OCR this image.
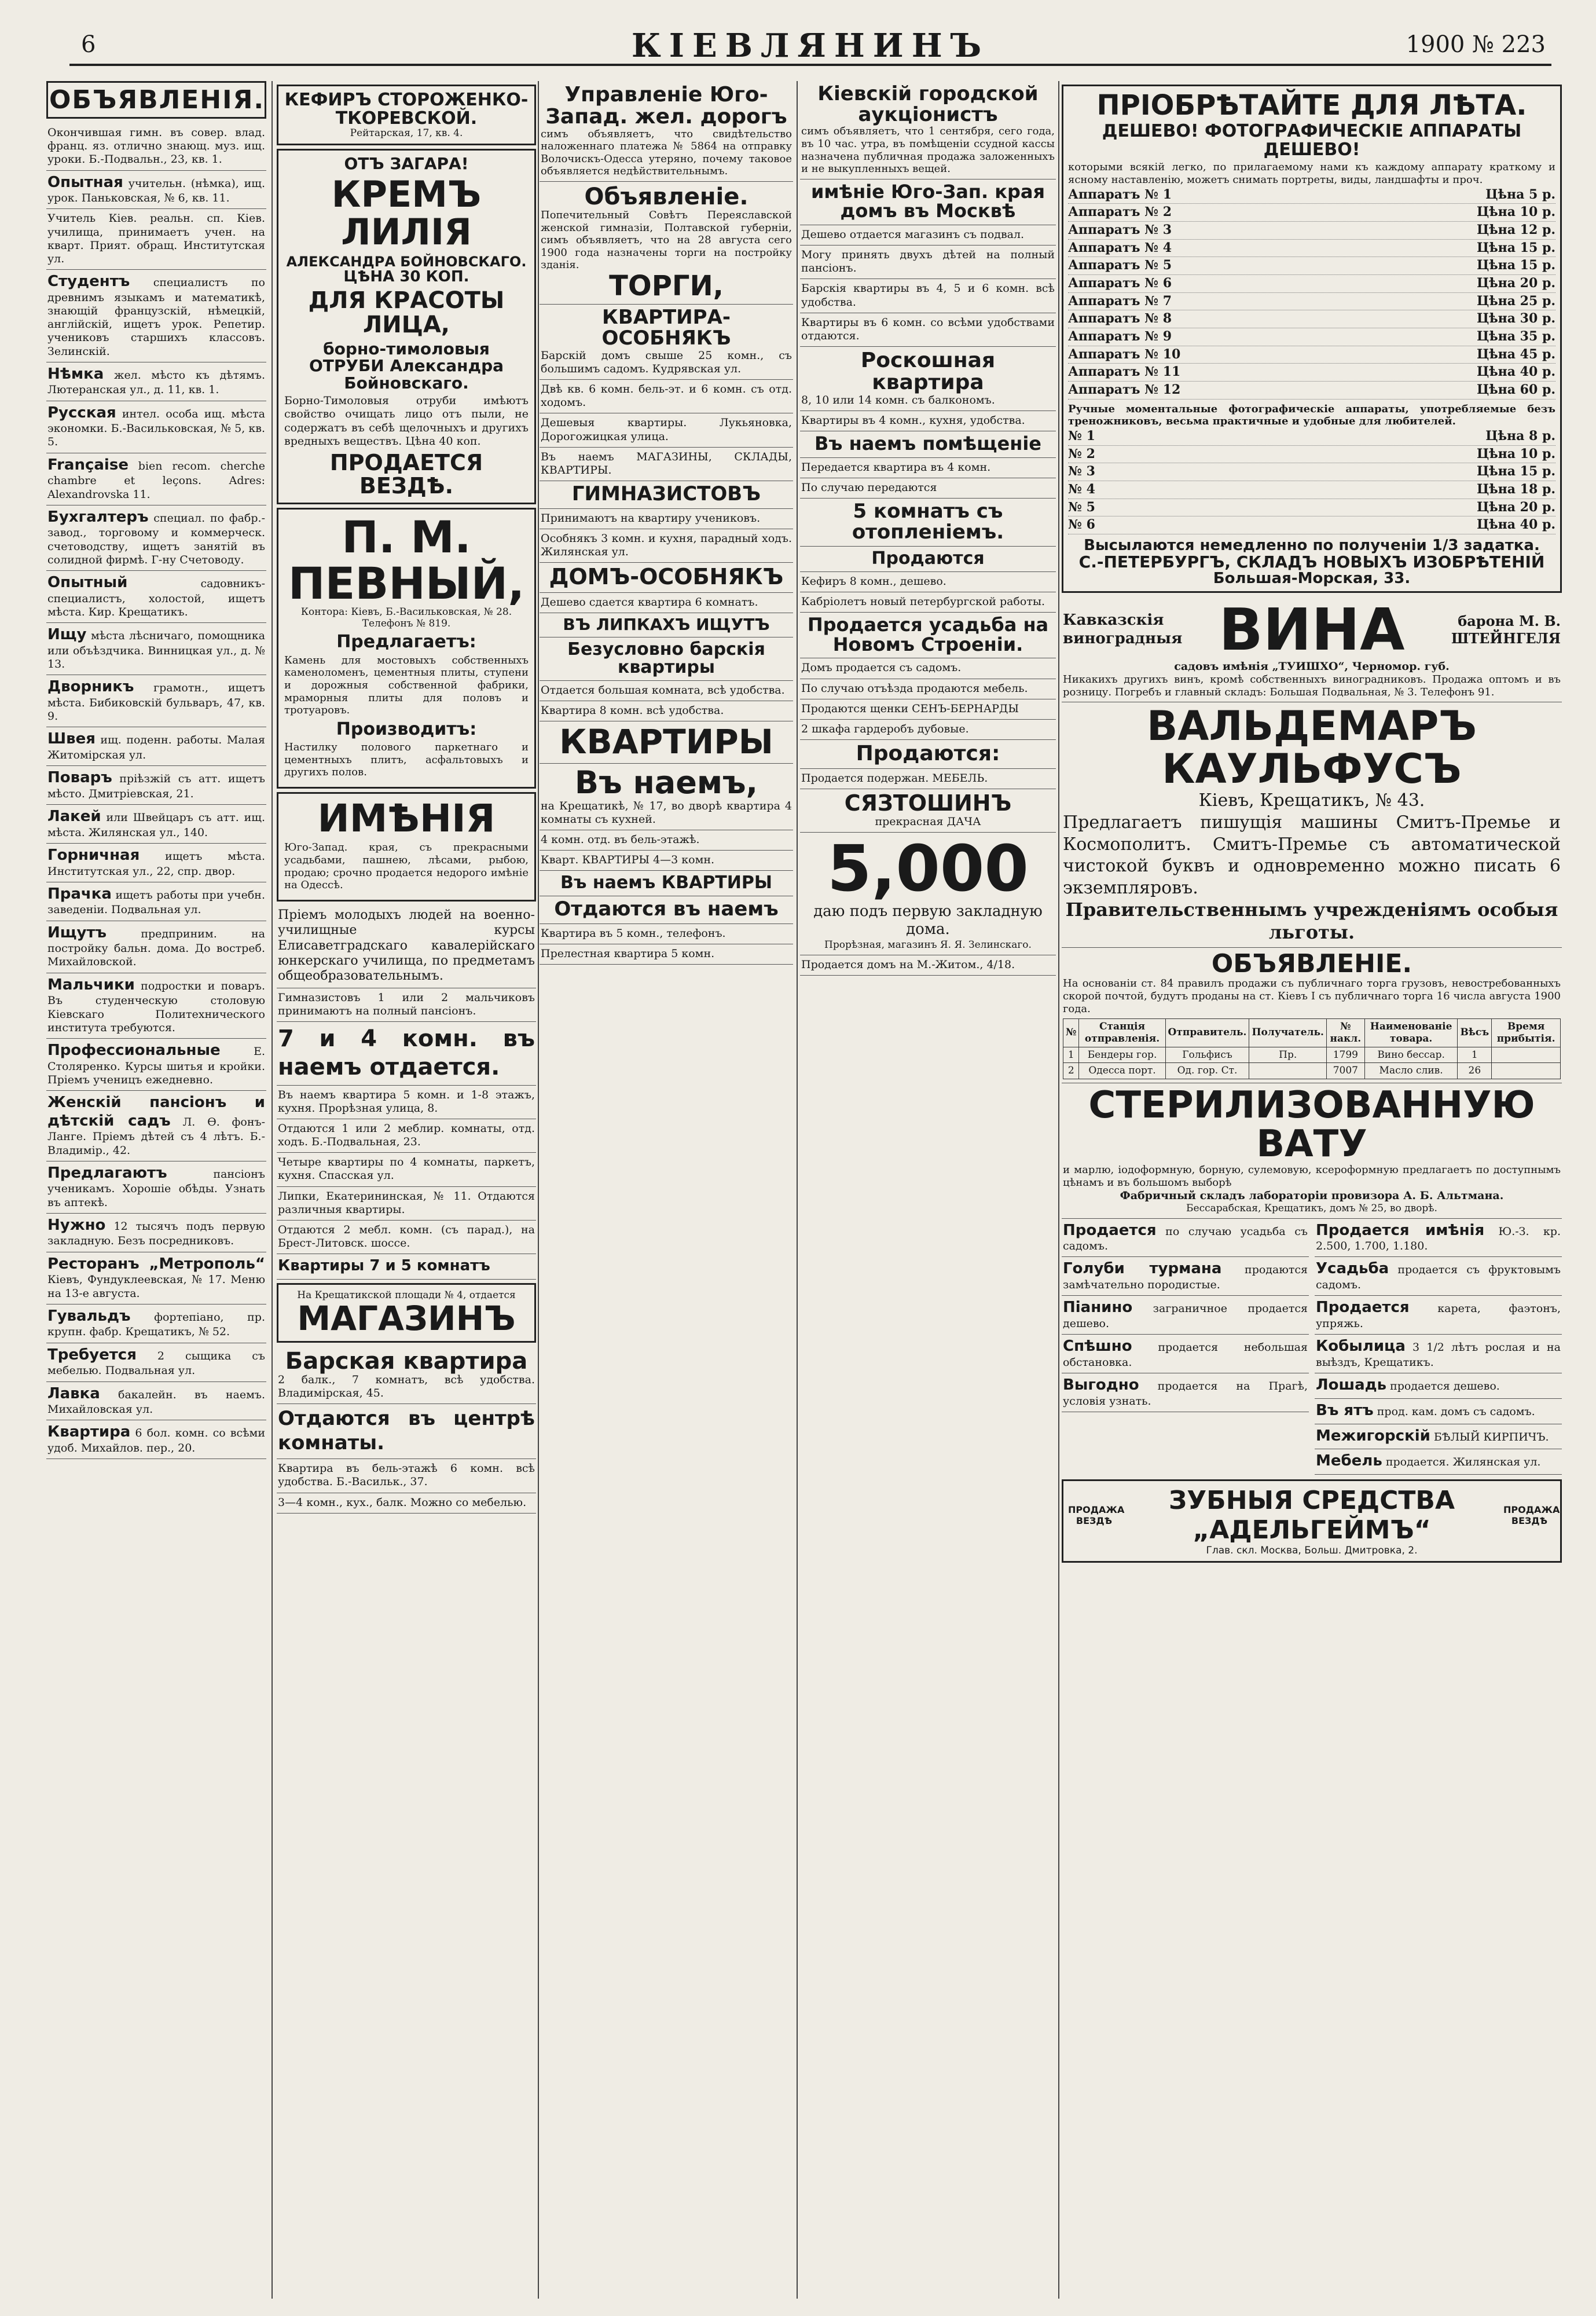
6	КІЕВЛЯНИНЪ	1900 № 223
ОБЪЯВЛЕНІЯ.
Окончившая гимн. въ совер. влад. франц. яз. отлично знающ. муз. ищ. уроки. Б.-Подвальн., 23, кв. 1.
Опытная учительн. (нѣмка), ищ. урок. Паньковская, № 6, кв. 11.
Учитель Кіев. реальн. сп. Кіев. училища, принимаетъ учен. на кварт. Прият. обращ. Институтская ул.
Студентъ специалистъ по древнимъ языкамъ и математикѣ, знающій французскій, нѣмецкій, англійскій, ищетъ урок. Репетир. учениковъ старшихъ классовъ. Зелинскій.
Нѣмка жел. мѣсто къ дѣтямъ. Лютеранская ул., д. 11, кв. 1.
Русская интел. особа ищ. мѣста экономки. Б.-Васильковская, № 5, кв. 5.
Française bien recom. cherche chambre et leçons. Adres: Alexandrovska 11.
Бухгалтеръ специал. по фабр.-завод., торговому и коммерческ. счетоводству, ищетъ занятій въ солидной фирмѣ. Г-ну Счетоводу.
Опытный садовникъ-специалистъ, холостой, ищетъ мѣста. Кир. Крещатикъ.
Ищу мѣста лѣсничаго, помощника или объѣздчика. Винницкая ул., д. № 13.
Дворникъ грамотн., ищетъ мѣста. Бибиковскій бульваръ, 47, кв. 9.
Швея ищ. поденн. работы. Малая Житомірская ул.
Поваръ пріѣзжій съ атт. ищетъ мѣсто. Дмитріевская, 21.
Лакей или Швейцаръ съ атт. ищ. мѣста. Жилянская ул., 140.
Горничная ищетъ мѣста. Институтская ул., 22, спр. двор.
Прачка ищетъ работы при учебн. заведеніи. Подвальная ул.
Ищутъ предприним. на постройку бальн. дома. До востреб. Михайловской.
Мальчики подростки и поваръ. Въ студенческую столовую Кіевскаго Политехнического института требуются.
Профессиональные Е. Столяренко. Курсы шитья и кройки. Пріемъ ученицъ ежедневно.
Женскій пансіонъ и дѣтскій садъ Л. Ө. фонъ-Ланге. Пріемъ дѣтей съ 4 лѣтъ. Б.-Владимір., 42.
Предлагаютъ пансіонъ ученикамъ. Хорошіе обѣды. Узнать въ аптекѣ.
Нужно 12 тысячъ подъ первую закладную. Безъ посредниковъ.
Ресторанъ „Метрополь“ Кіевъ, Фундуклеевская, № 17. Меню на 13-е августа.
Гувальдъ фортепіано, пр. крупн. фабр. Крещатикъ, № 52.
Требуется 2 сыщика съ мебелью. Подвальная ул.
Лавка бакалейн. въ наемъ. Михайловская ул.
Квартира 6 бол. комн. со всѣми удоб. Михайлов. пер., 20.
КЕФИРЪ СТОРОЖЕНКО-ТКОРЕВСКОЙ.
Рейтарская, 17, кв. 4.
ОТЪ ЗАГАРА!
КРЕМЪ ЛИЛІЯ
АЛЕКСАНДРА БОЙНОВСКАГО.
ЦѢНА 30 КОП.
ДЛЯ КРАСОТЫ ЛИЦА,
борно-тимоловыя ОТРУБИ Александра Бойновскаго.
Борно-Тимоловыя отруби имѣютъ свойство очищать лицо отъ пыли, не содержатъ въ себѣ щелочныхъ и другихъ вредныхъ веществъ. Цѣна 40 коп.
ПРОДАЕТСЯ ВЕЗДѢ.
П. М. ПЕВНЫЙ,
Контора: Кіевъ, Б.-Васильковская, № 28. Телефонъ № 819.
Предлагаетъ:
Камень для мостовыхъ собственныхъ каменоломенъ, цементныя плиты, ступени и дорожныя собственной фабрики, мраморныя плиты для половъ и тротуаровъ.
Производитъ:
Настилку полового паркетнаго и цементныхъ плитъ, асфальтовыхъ и другихъ полов.
ИМѢНІЯ
Юго-Запад. края, съ прекрасными усадьбами, пашнею, лѣсами, рыбою, продаю; срочно продается недорого имѣніе на Одессѣ.
Пріемъ молодыхъ людей на военно-училищные курсы Елисаветградскаго кавалерійскаго юнкерскаго училища, по предметамъ общеобразовательнымъ.
Гимназистовъ 1 или 2 мальчиковъ принимаютъ на полный пансіонъ.
7 и 4 комн. въ наемъ отдается.
Въ наемъ квартира 5 комн. и 1-8 этажъ, кухня. Прорѣзная улица, 8.
Отдаются 1 или 2 меблир. комнаты, отд. ходъ. Б.-Подвальная, 23.
Четыре квартиры по 4 комнаты, паркетъ, кухня. Спасская ул.
Липки, Екатерининская, № 11. Отдаются различныя квартиры.
Отдаются 2 мебл. комн. (съ парад.), на Брест-Литовск. шоссе.
Квартиры 7 и 5 комнатъ
На Крещатикской площади № 4, отдается
МАГАЗИНЪ
Барская квартира
2 балк., 7 комнатъ, всѣ удобства. Владимірская, 45.
Отдаются въ центрѣ комнаты.
Квартира въ бель-этажѣ 6 комн. всѣ удобства. Б.-Васильк., 37.
3—4 комн., кух., балк. Можно со мебелью.
Управленіе Юго-Запад. жел. дорогъ
симъ объявляетъ, что свидѣтельство наложеннаго платежа № 5864 на отправку Волочискъ-Одесса утеряно, почему таковое объявляется недѣйствительнымъ.
Объявленіе.
Попечительный Совѣтъ Переяславской женской гимназіи, Полтавской губерніи, симъ объявляетъ, что на 28 августа сего 1900 года назначены торги на постройку зданія.
ТОРГИ,
КВАРТИРА-ОСОБНЯКЪ
Барскій домъ свыше 25 комн., съ большимъ садомъ. Кудрявская ул.
Двѣ кв. 6 комн. бель-эт. и 6 комн. съ отд. ходомъ.
Дешевыя квартиры. Лукьяновка, Дорогожицкая улица.
Въ наемъ МАГАЗИНЫ, СКЛАДЫ, КВАРТИРЫ.
ГИМНАЗИСТОВЪ
Принимаютъ на квартиру учениковъ.
Особнякъ 3 комн. и кухня, парадный ходъ. Жилянская ул.
ДОМЪ-ОСОБНЯКЪ
Дешево сдается квартира 6 комнатъ.
ВЪ ЛИПКАХЪ ИЩУТЪ
Безусловно барскія квартиры
Отдается большая комната, всѣ удобства.
Квартира 8 комн. всѣ удобства.
КВАРТИРЫ
Въ наемъ,
на Крещатикѣ, № 17, во дворѣ квартира 4 комнаты съ кухней.
4 комн. отд. въ бель-этажѣ.
Кварт. КВАРТИРЫ 4—3 комн.
Въ наемъ КВАРТИРЫ
Отдаются въ наемъ
Квартира въ 5 комн., телефонъ.
Прелестная квартира 5 комн.
Кіевскій городской аукціонистъ
симъ объявляетъ, что 1 сентября, сего года, въ 10 час. утра, въ помѣщеніи ссудной кассы назначена публичная продажа заложенныхъ и не выкупленныхъ вещей.
имѣніе Юго-Зап. края домъ въ Москвѣ
Дешево отдается магазинъ съ подвал.
Могу принять двухъ дѣтей на полный пансіонъ.
Барскія квартиры въ 4, 5 и 6 комн. всѣ удобства.
Квартиры въ 6 комн. со всѣми удобствами отдаются.
Роскошная квартира
8, 10 или 14 комн. съ балкономъ.
Квартиры въ 4 комн., кухня, удобства.
Въ наемъ помѣщеніе
Передается квартира въ 4 комн.
По случаю передаются
5 комнатъ съ отопленіемъ.
Продаются
Кефиръ 8 комн., дешево.
Кабріолетъ новый петербургской работы.
Продается усадьба на Новомъ Строеніи.
Домъ продается съ садомъ.
По случаю отъѣзда продаются мебель.
Продаются щенки СЕНЪ-БЕРНАРДЫ
2 шкафа гардеробъ дубовые.
Продаются:
Продается подержан. МЕБЕЛЬ.
СЯЗТОШИНЪ
прекрасная ДАЧА
5,000
даю подъ первую закладную дома.
Прорѣзная, магазинъ Я. Я. Зелинскаго.
Продается домъ на М.-Житом., 4/18.
ПРІОБРѢТАЙТЕ ДЛЯ ЛѢТА.
ДЕШЕВО! ФОТОГРАФИЧЕСКІЕ АППАРАТЫ ДЕШЕВО!
которыми всякій легко, по прилагаемому нами къ каждому аппарату краткому и ясному наставленію, можетъ снимать портреты, виды, ландшафты и проч.
Аппаратъ № 1	Цѣна 5 р.
Аппаратъ № 2	Цѣна 10 р.
Аппаратъ № 3	Цѣна 12 р.
Аппаратъ № 4	Цѣна 15 р.
Аппаратъ № 5	Цѣна 15 р.
Аппаратъ № 6	Цѣна 20 р.
Аппаратъ № 7	Цѣна 25 р.
Аппаратъ № 8	Цѣна 30 р.
Аппаратъ № 9	Цѣна 35 р.
Аппаратъ № 10	Цѣна 45 р.
Аппаратъ № 11	Цѣна 40 р.
Аппаратъ № 12	Цѣна 60 р.
Ручные моментальные фотографическіе аппараты, употребляемые безъ треножниковъ, весьма практичные и удобные для любителей.
№ 1	Цѣна 8 р.
№ 2	Цѣна 10 р.
№ 3	Цѣна 15 р.
№ 4	Цѣна 18 р.
№ 5	Цѣна 20 р.
№ 6	Цѣна 40 р.
Высылаются немедленно по полученіи 1/3 задатка.
С.-ПЕТЕРБУРГЪ, СКЛАДЪ НОВЫХЪ ИЗОБРѢТЕНІЙ
Большая-Морская, 33.
Кавказскія виноградныя ВИНА	барона М. В. ШТЕЙНГЕЛЯ
садовъ имѣнія „ТУИШХО“, Черномор. губ.
Никакихъ другихъ винъ, кромѣ собственныхъ виноградниковъ. Продажа оптомъ и въ розницу. Погребъ и главный складъ: Большая Подвальная, № 3. Телефонъ 91.
ВАЛЬДЕМАРЪ КАУЛЬФУСЪ
Кіевъ, Крещатикъ, № 43.
Предлагаетъ пишущія машины Смитъ-Премье и Космополитъ. Смитъ-Премье съ автоматической чистокой буквъ и одновременно можно писать 6 экземпляровъ.
Правительственнымъ учрежденіямъ особыя льготы.
ОБЪЯВЛЕНІЕ.
На основаніи ст. 84 правилъ продажи съ публичнаго торга грузовъ, невостребованныхъ скорой почтой, будутъ проданы на ст. Кіевъ I съ публичнаго торга 16 числа августа 1900 года.
№	Станція отправленія.	Отправитель.	Получатель.	№ накл.	Наименованіе товара.	Вѣсъ	Время прибытія.
1	Бендеры гор.	Гольфисъ	Пр.	1799	Вино бессар.	1	
2	Одесса порт.	Од. гор. Ст.		7007	Масло слив.	26	
СТЕРИЛИЗОВАННУЮ ВАТУ
и марлю, іодоформную, борную, сулемовую, ксероформную предлагаетъ по доступнымъ цѣнамъ и въ большомъ выборѣ
Фабричный складъ лабораторіи провизора А. Б. Альтмана.
Бессарабская, Крещатикъ, домъ № 25, во дворѣ.
Продается по случаю усадьба съ садомъ.
Голуби турмана продаются замѣчательно породистые.
Піанино заграничное продается дешево.
Спѣшно продается небольшая обстановка.
Выгодно продается на Прагѣ, условія узнать.
Продается имѣнія Ю.-З. кр. 2.500, 1.700, 1.180.
Усадьба продается съ фруктовымъ садомъ.
Продается карета, фаэтонъ, упряжь.
Кобылица 3 1/2 лѣтъ рослая и на выѣздъ, Крещатикъ.
Лошадь продается дешево.
Въ ятъ прод. кам. домъ съ садомъ.
Межигорскій БѢЛЫЙ КИРПИЧЪ.
Мебель продается. Жилянская ул.
ПРОДАЖА ВЕЗДѢ
ЗУБНЫЯ СРЕДСТВА „АДЕЛЬГЕЙМЪ“
ПРОДАЖА ВЕЗДѢ
Глав. скл. Москва, Больш. Дмитровка, 2.
